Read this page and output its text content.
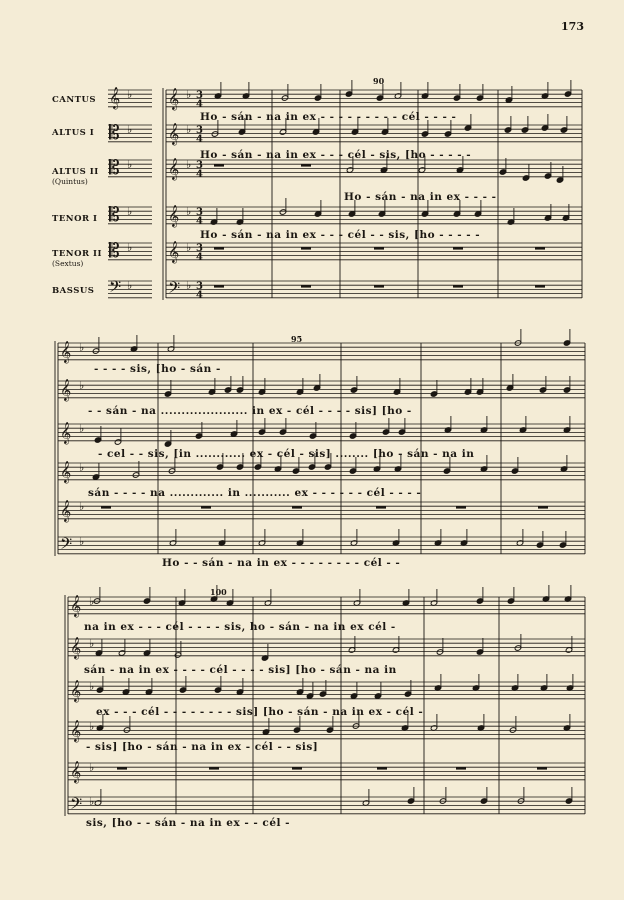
𝄞 ♭
𝄡 ♭
𝄡 ♭
𝄡 ♭
𝄡 ♭
𝄢 ♭
𝄞 ♭ 3
4
𝄞 ♭ 3
4
𝄞 ♭ 3
4
𝄞 ♭ 3
4
𝄞 ♭ 3
4
𝄢 ♭ 3
4
𝄞 ♭
𝄞 ♭
𝄞 ♭
𝄞 ♭
𝄞 ♭
𝄢 ♭
𝄞 ♭
𝄞 ♭
𝄞 ♭
𝄞 ♭
𝄞 ♭
𝄢 ♭
173
CANTUS
ALTUS I
ALTUS II
(Quintus)
TENOR I
TENOR II
(Sextus)
BASSUS
90
95
100
Ho - sán - na in ex - - - - - - - - - cél - - - -
Ho - sán - na in ex - - - cél - sis, [ho - - - - -
Ho - sán - na in ex - - - -
Ho - sán - na in ex - - - cél - - sis, [ho - - - - -
- - - - sis, [ho - sán -
- - sán - na ..................... in ex - cél - - - - sis] [ho -
- cel - - sis, [in ............ ex - cél - sis] ........ [ho - sán - na in
sán - - - - na ............. in ........... ex - - - - - - cél - - - -
Ho - - sán - na in ex - - - - - - - - cél - -
na in ex - - - cél - - - - sis, ho - sán - na in ex cél -
sán - na in ex - - - - cél - - - - sis] [ho - sán - na in
ex - - - cél - - - - - - - - sis] [ho - sán - na in ex - cél -
- sis] [ho - sán - na in ex - cél - - sis]
sis, [ho - - sán - na in ex - - cél -
